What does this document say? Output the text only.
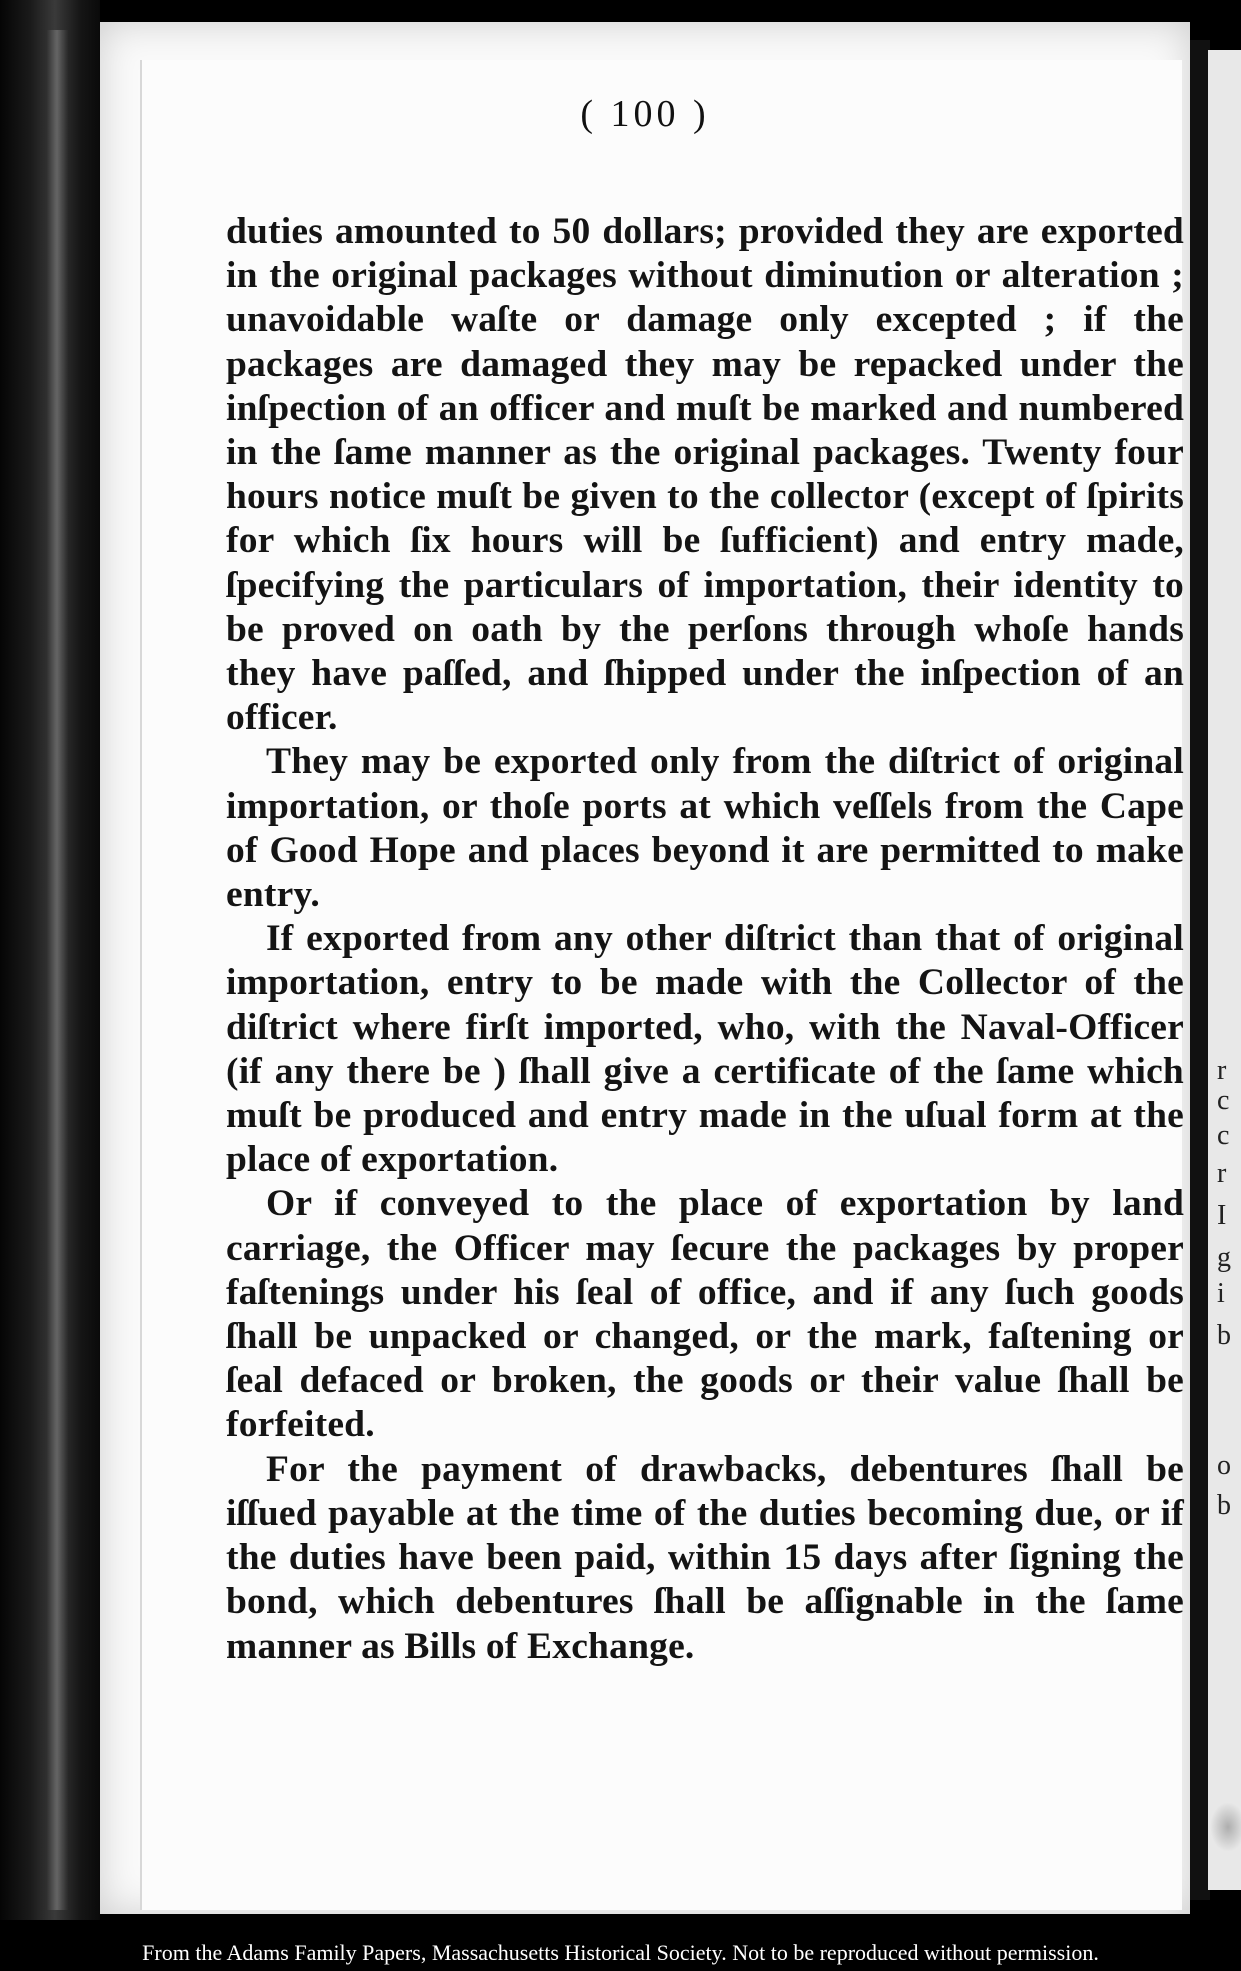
r
c
c
r
I
g
i
b
o
b
( 100 )

duties amounted to 50 dollars; provided they are exported in the original packages without diminution or alteration ; unavoidable waſte or damage only excepted ; if the packages are damaged they may be repacked under the inſpection of an officer and muſt be marked and numbered in the ſame manner as the original packages. Twenty four hours notice muſt be given to the collector (except of ſpirits for which ſix hours will be ſufficient) and entry made, ſpecifying the particulars of importation, their identity to be proved on oath by the perſons through whoſe hands they have paſſed, and ſhipped under the inſpection of an officer.

They may be exported only from the diſtrict of original importation, or thoſe ports at which veſſels from the Cape of Good Hope and places beyond it are permitted to make entry.

If exported from any other diſtrict than that of original importation, entry to be made with the Collector of the diſtrict where firſt imported, who, with the Naval-Officer (if any there be ) ſhall give a certificate of the ſame which muſt be produced and entry made in the uſual form at the place of exportation.

Or if conveyed to the place of exportation by land carriage, the Officer may ſecure the packages by proper faſtenings under his ſeal of office, and if any ſuch goods ſhall be unpacked or changed, or the mark, faſtening or ſeal defaced or broken, the goods or their value ſhall be forfeited.

For the payment of drawbacks, debentures ſhall be iſſued payable at the time of the duties becoming due, or if the duties have been paid, within 15 days after ſigning the bond, which debentures ſhall be aſſignable in the ſame manner as Bills of Exchange.

From the Adams Family Papers, Massachusetts Historical Society. Not to be reproduced without permission.
